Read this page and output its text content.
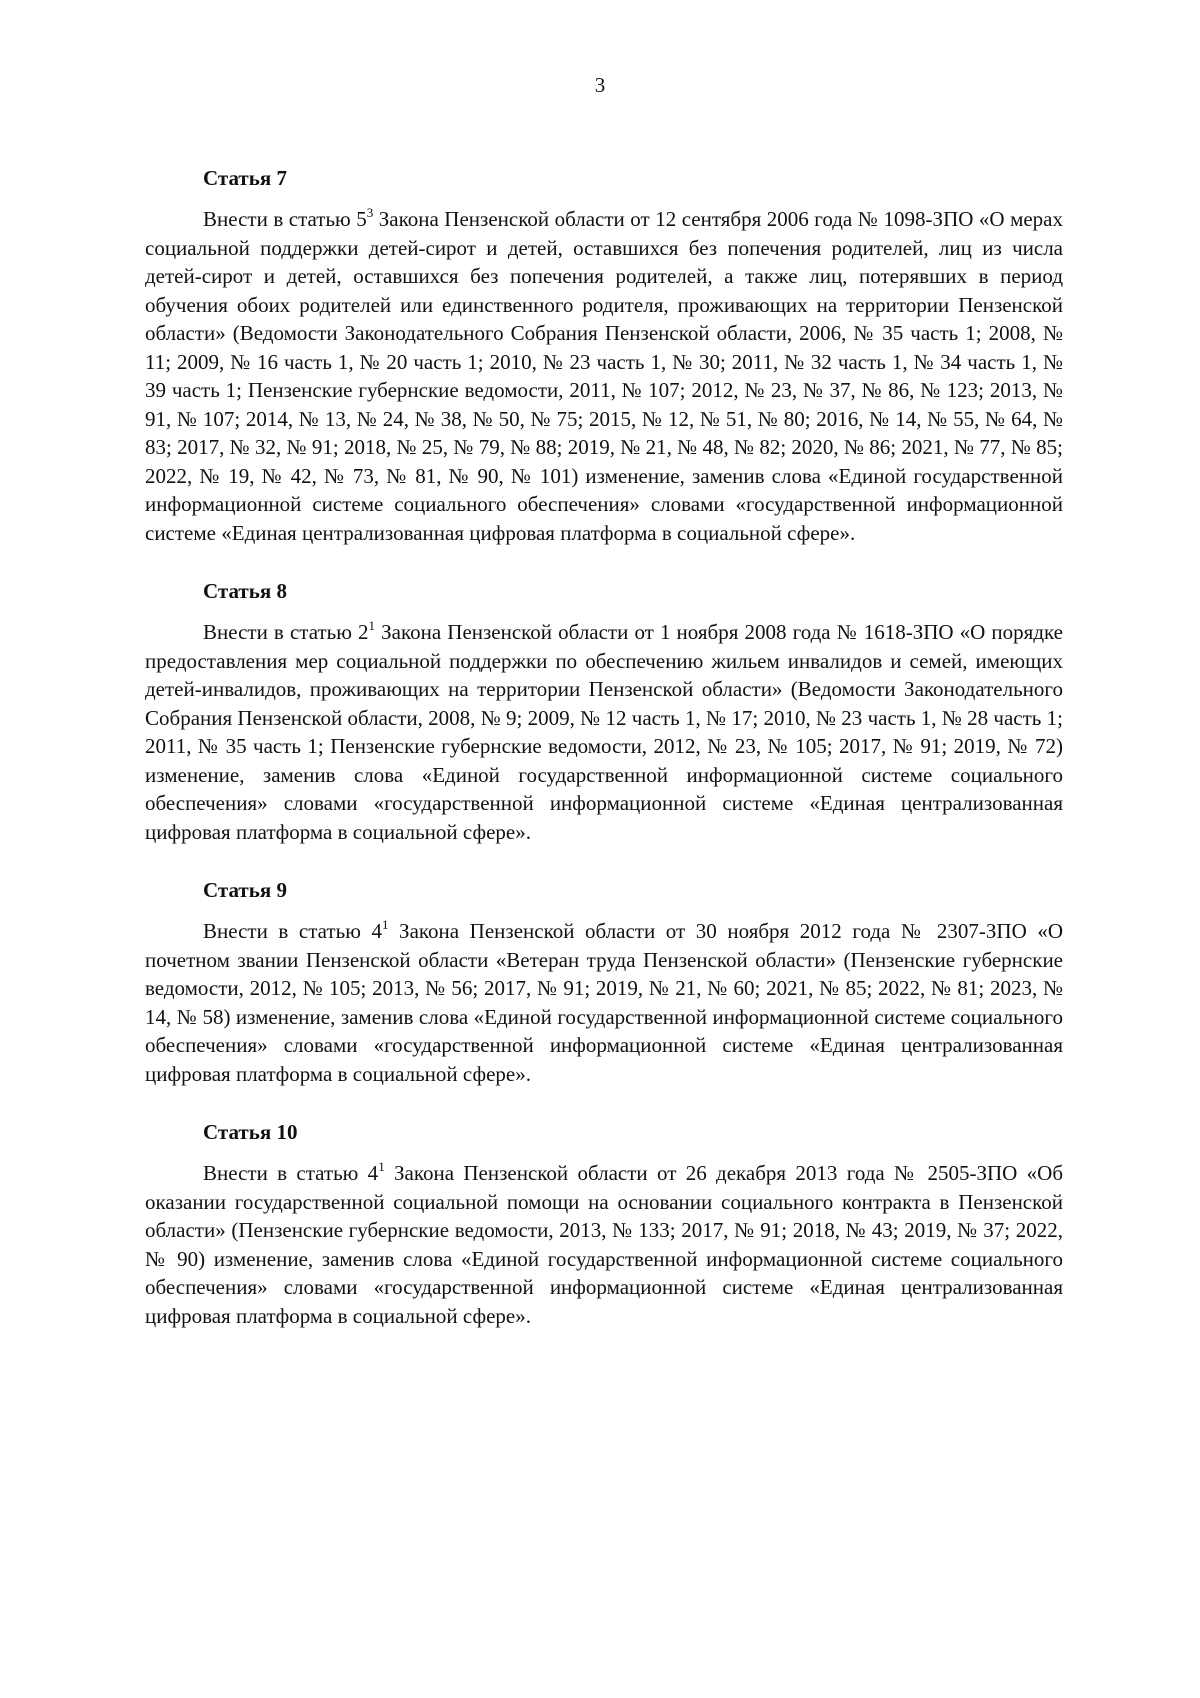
3
Статья 7

Внести в статью $5^3$ Закона Пензенской области от 12 сентября 2006 года № 1098-ЗПО «О мерах социальной поддержки детей-сирот и детей, оставшихся без попечения родителей, лиц из числа детей-сирот и детей, оставшихся без попечения родителей, а также лиц, потерявших в период обучения обоих родителей или единственного родителя, проживающих на территории Пензенской области» (Ведомости Законодательного Собрания Пензенской области, 2006, № 35 часть 1; 2008, № 11; 2009, № 16 часть 1, № 20 часть 1; 2010, № 23 часть 1, № 30; 2011, № 32 часть 1, № 34 часть 1, № 39 часть 1; Пензенские губернские ведомости, 2011, № 107; 2012, № 23, № 37, № 86, № 123; 2013, № 91, № 107; 2014, № 13, № 24, № 38, № 50, № 75; 2015, № 12, № 51, № 80; 2016, № 14, № 55, № 64, № 83; 2017, № 32, № 91; 2018, № 25, № 79, № 88; 2019, № 21, № 48, № 82; 2020, № 86; 2021, № 77, № 85; 2022, № 19, № 42, № 73, № 81, № 90, № 101) изменение, заменив слова «Единой государственной информационной системе социального обеспечения» словами «государственной информационной системе «Единая централизованная цифровая платформа в социальной сфере».

Статья 8

Внести в статью $2^1$ Закона Пензенской области от 1 ноября 2008 года № 1618-ЗПО «О порядке предоставления мер социальной поддержки по обеспечению жильем инвалидов и семей, имеющих детей-инвалидов, проживающих на территории Пензенской области» (Ведомости Законодательного Собрания Пензенской области, 2008, № 9; 2009, № 12 часть 1, № 17; 2010, № 23 часть 1, № 28 часть 1; 2011, № 35 часть 1; Пензенские губернские ведомости, 2012, № 23, № 105; 2017, № 91; 2019, № 72) изменение, заменив слова «Единой государственной информационной системе социального обеспечения» словами «государственной информационной системе «Единая централизованная цифровая платформа в социальной сфере».

Статья 9

Внести в статью $4^1$ Закона Пензенской области от 30 ноября 2012 года № 2307-ЗПО «О почетном звании Пензенской области «Ветеран труда Пензенской области» (Пензенские губернские ведомости, 2012, № 105; 2013, № 56; 2017, № 91; 2019, № 21, № 60; 2021, № 85; 2022, № 81; 2023, № 14, № 58) изменение, заменив слова «Единой государственной информационной системе социального обеспечения» словами «государственной информационной системе «Единая централизованная цифровая платформа в социальной сфере».

Статья 10

Внести в статью $4^1$ Закона Пензенской области от 26 декабря 2013 года № 2505-ЗПО «Об оказании государственной социальной помощи на основании социального контракта в Пензенской области» (Пензенские губернские ведомости, 2013, № 133; 2017, № 91; 2018, № 43; 2019, № 37; 2022, № 90) изменение, заменив слова «Единой государственной информационной системе социального обеспечения» словами «государственной информационной системе «Единая централизованная цифровая платформа в социальной сфере».
